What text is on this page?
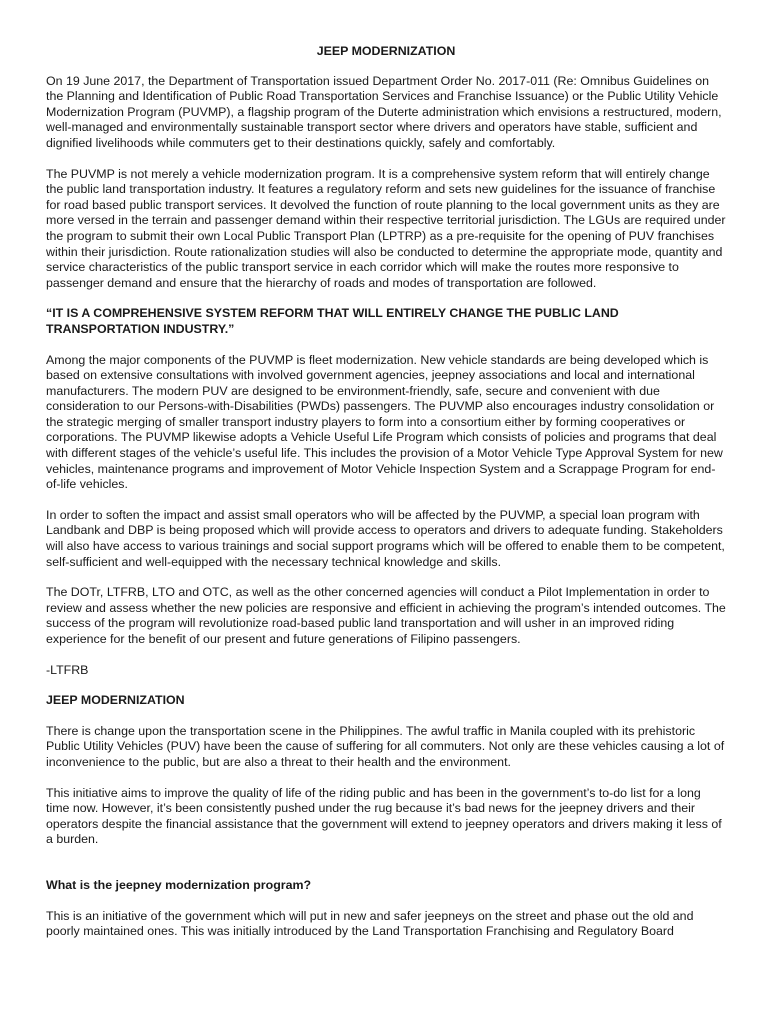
JEEP MODERNIZATION

On 19 June 2017, the Department of Transportation issued Department Order No. 2017-011 (Re: Omnibus Guidelines on the Planning and Identification of Public Road Transportation Services and Franchise Issuance) or the Public Utility Vehicle Modernization Program (PUVMP), a flagship program of the Duterte administration which envisions a restructured, modern, well-managed and environmentally sustainable transport sector where drivers and operators have stable, sufficient and dignified livelihoods while commuters get to their destinations quickly, safely and comfortably.

The PUVMP is not merely a vehicle modernization program. It is a comprehensive system reform that will entirely change the public land transportation industry. It features a regulatory reform and sets new guidelines for the issuance of franchise for road based public transport services. It devolved the function of route planning to the local government units as they are more versed in the terrain and passenger demand within their respective territorial jurisdiction. The LGUs are required under the program to submit their own Local Public Transport Plan (LPTRP) as a pre-requisite for the opening of PUV franchises within their jurisdiction. Route rationalization studies will also be conducted to determine the appropriate mode, quantity and service characteristics of the public transport service in each corridor which will make the routes more responsive to passenger demand and ensure that the hierarchy of roads and modes of transportation are followed.

“IT IS A COMPREHENSIVE SYSTEM REFORM THAT WILL ENTIRELY CHANGE THE PUBLIC LAND TRANSPORTATION INDUSTRY.”

Among the major components of the PUVMP is fleet modernization. New vehicle standards are being developed which is based on extensive consultations with involved government agencies, jeepney associations and local and international manufacturers. The modern PUV are designed to be environment-friendly, safe, secure and convenient with due consideration to our Persons-with-Disabilities (PWDs) passengers. The PUVMP also encourages industry consolidation or the strategic merging of smaller transport industry players to form into a consortium either by forming cooperatives or corporations. The PUVMP likewise adopts a Vehicle Useful Life Program which consists of policies and programs that deal with different stages of the vehicle’s useful life. This includes the provision of a Motor Vehicle Type Approval System for new vehicles, maintenance programs and improvement of Motor Vehicle Inspection System and a Scrappage Program for end-of-life vehicles.

In order to soften the impact and assist small operators who will be affected by the PUVMP, a special loan program with Landbank and DBP is being proposed which will provide access to operators and drivers to adequate funding. Stakeholders will also have access to various trainings and social support programs which will be offered to enable them to be competent, self-sufficient and well-equipped with the necessary technical knowledge and skills.

The DOTr, LTFRB, LTO and OTC, as well as the other concerned agencies will conduct a Pilot Implementation in order to review and assess whether the new policies are responsive and efficient in achieving the program’s intended outcomes. The success of the program will revolutionize road-based public land transportation and will usher in an improved riding experience for the benefit of our present and future generations of Filipino passengers.

-LTFRB
JEEP MODERNIZATION

There is change upon the transportation scene in the Philippines. The awful traffic in Manila coupled with its prehistoric Public Utility Vehicles (PUV) have been the cause of suffering for all commuters. Not only are these vehicles causing a lot of inconvenience to the public, but are also a threat to their health and the environment.

This initiative aims to improve the quality of life of the riding public and has been in the government’s to-do list for a long time now. However, it’s been consistently pushed under the rug because it’s bad news for the jeepney drivers and their operators despite the financial assistance that the government will extend to jeepney operators and drivers making it less of a burden.

What is the jeepney modernization program?

This is an initiative of the government which will put in new and safer jeepneys on the street and phase out the old and poorly maintained ones. This was initially introduced by the Land Transportation Franchising and Regulatory Board
